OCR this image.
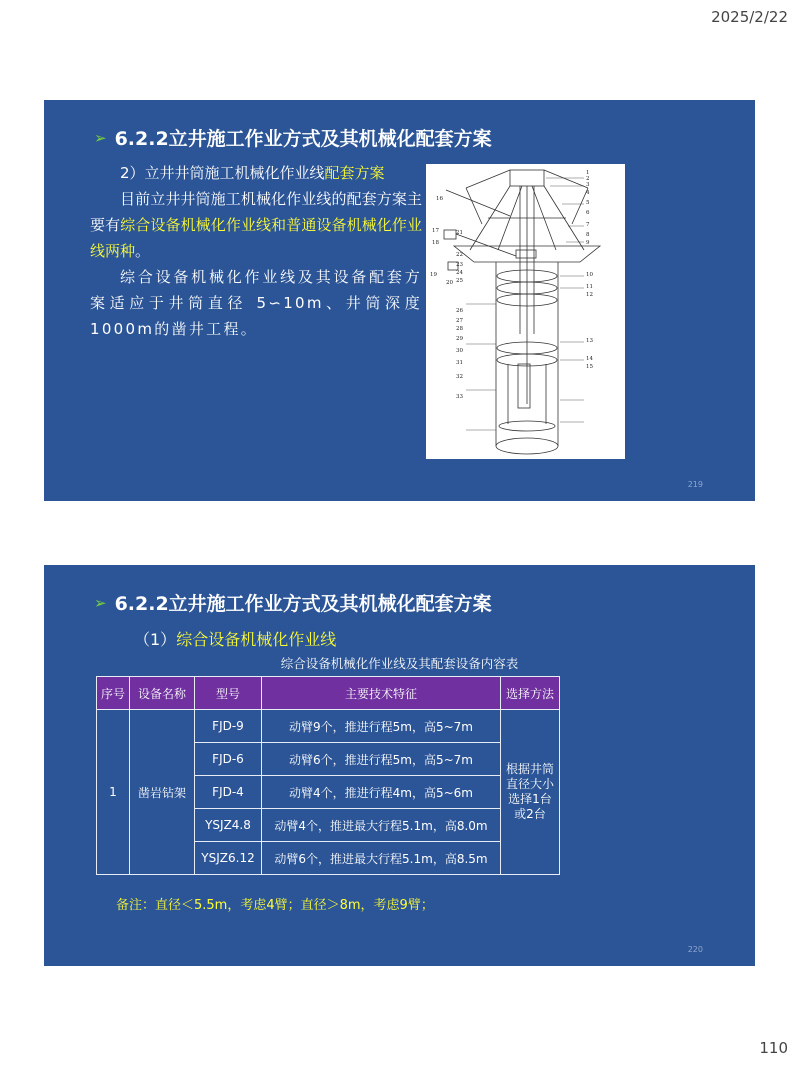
2025/2/22
➢ 6.2.2立井施工作业方式及其机械化配套方案

2）立井井筒施工机械化作业线配套方案

目前立井井筒施工机械化作业线的配套方案主要有综合设备机械化作业线和普通设备机械化作业线两种。

综合设备机械化作业线及其设备配套方案适应于井筒直径 5∽10m、井筒深度1000m的凿井工程。

1
2
3
4
5
6
7
8
9
10
11
12
13
14
15
16
17
18
19
20
21
22
23
24
25
26
27
28
29
30
31
32
33
219
➢ 6.2.2立井施工作业方式及其机械化配套方案
（1）综合设备机械化作业线
综合设备机械化作业线及其配套设备内容表
序号	设备名称	型号	主要技术特征	选择方法
1	凿岩钻架	FJD-9	动臂9个，推进行程5m，高5~7m	根据井筒直径大小选择1台或2台
		FJD-6	动臂6个，推进行程5m，高5~7m	
		FJD-4	动臂4个，推进行程4m，高5~6m	
		YSJZ4.8	动臂4个，推进最大行程5.1m，高8.0m	
		YSJZ6.12	动臂6个，推进最大行程5.1m，高8.5m	
备注：直径＜5.5m，考虑4臂；直径＞8m，考虑9臂；
220
110
